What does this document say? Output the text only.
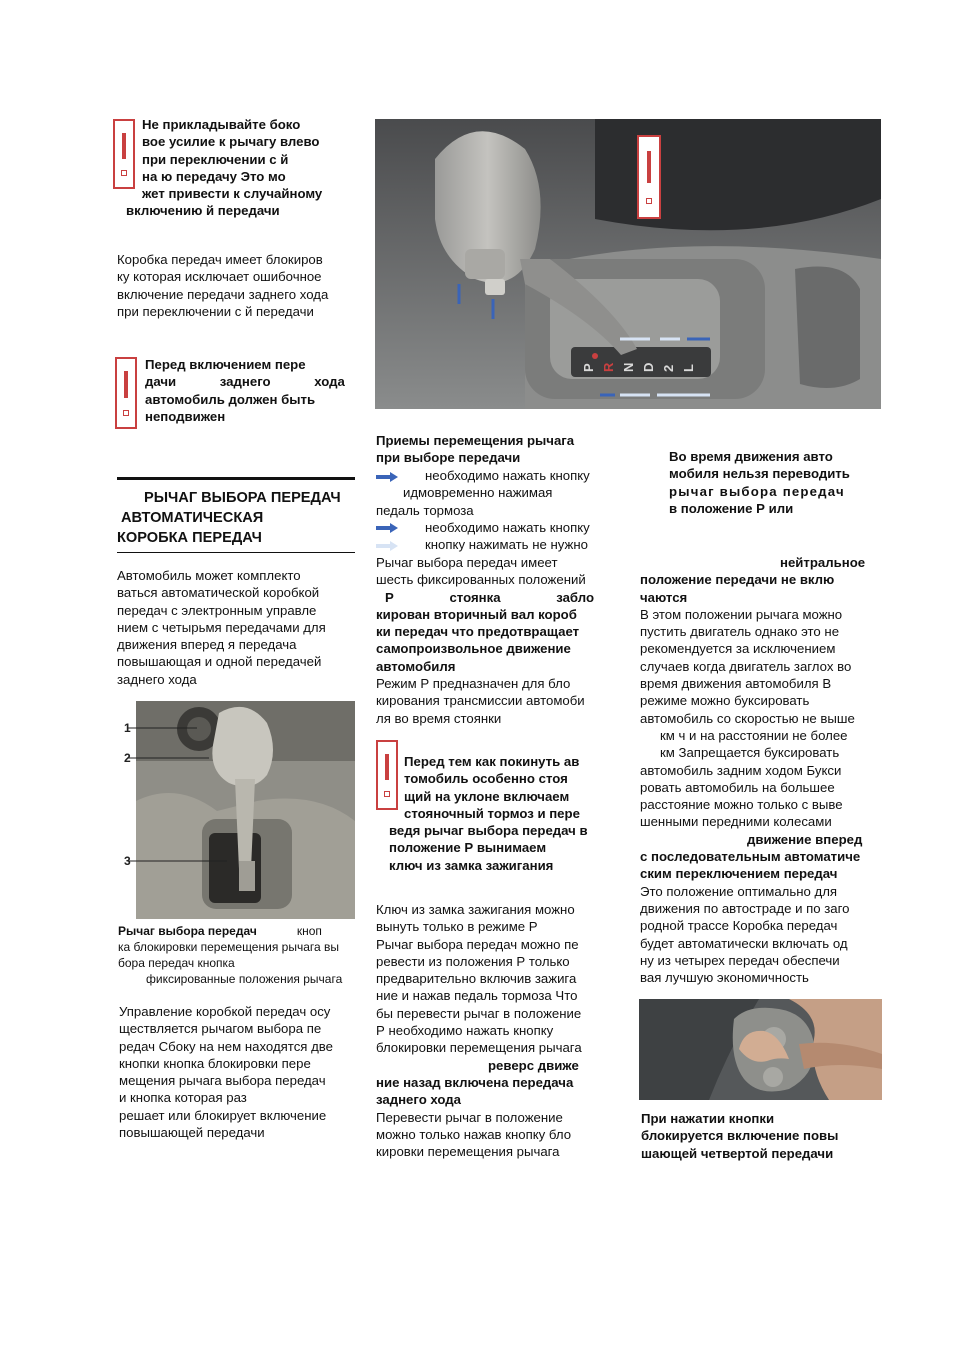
Не прикладывайте боко

вое усилие к рычагу влево

при переключении с й

на ю передачу Это мо

жет привести к случайному

включению й передачи

Коробка передач имеет блокиров

ку которая исключает ошибочное

включение передачи заднего хода

при переключении с й передачи

Перед включением пере

дачи заднего хода

автомобиль должен быть

неподвижен

РЫЧАГ ВЫБОРА ПЕРЕДАЧ

АВТОМАТИЧЕСКАЯ

КОРОБКА ПЕРЕДАЧ

Автомобиль может комплекто

ваться автоматической коробкой

передач с электронным управле

нием с четырьмя передачами для

движения вперед я передача

повышающая и одной передачей

заднего хода

1
2
3

Рычаг выбора передач	кноп

ка блокировки перемещения рычага вы

бора передач кнопка

фиксированные положения рычага

Управление коробкой передач осу

ществляется рычагом выбора пе

редач Сбоку на нем находятся две

кнопки кнопка блокировки пере

мещения рычага выбора передач

и кнопка которая раз

решает или блокирует включение

повышающей передачи

P R N D 2 L

Приемы перемещения рычага

при выборе передачи

необходимо нажать кнопку

идмовременно нажимая

педаль тормоза

необходимо нажать кнопку

кнопку нажимать не нужно

Рычаг выбора передач имеет

шесть фиксированных положений

Р стоянка забло

кирован вторичный вал короб

ки передач что предотвращает

самопроизвольное движение

автомобиля

Режим Р предназначен для бло

кирования трансмиссии автомоби

ля во время стоянки

Перед тем как покинуть ав

томобиль особенно стоя

щий на уклоне включаем

стояночный тормоз и пере

ведя рычаг выбора передач в

положение Р вынимаем

ключ из замка зажигания

Ключ из замка зажигания можно

вынуть только в режиме Р

Рычаг выбора передач можно пе

ревести из положения Р только

предварительно включив зажига

ние и нажав педаль тормоза Что

бы перевести рычаг в положение

Р необходимо нажать кнопку

блокировки перемещения рычага

реверс движе

ние назад включена передача

заднего хода

Перевести рычаг в положение

можно только нажав кнопку бло

кировки перемещения рычага

Во время движения авто

мобиля нельзя переводить

рычаг выбора передач

в положение Р или

нейтральное

положение передачи не вклю

чаются

В этом положении рычага можно

пустить двигатель однако это не

рекомендуется за исключением

случаев когда двигатель заглох во

время движения автомобиля В

режиме можно буксировать

автомобиль со скоростью не выше

км ч и на расстоянии не более

км Запрещается буксировать

автомобиль задним ходом Букси

ровать автомобиль на большее

расстояние можно только с выве

шенными передними колесами

движение вперед

с последовательным автоматиче

ским переключением передач

Это положение оптимально для

движения по автостраде и по заго

родной трассе Коробка передач

будет автоматически включать од

ну из четырех передач обеспечи

вая лучшую экономичность

При нажатии кнопки

блокируется включение повы

шающей четвертой передачи
